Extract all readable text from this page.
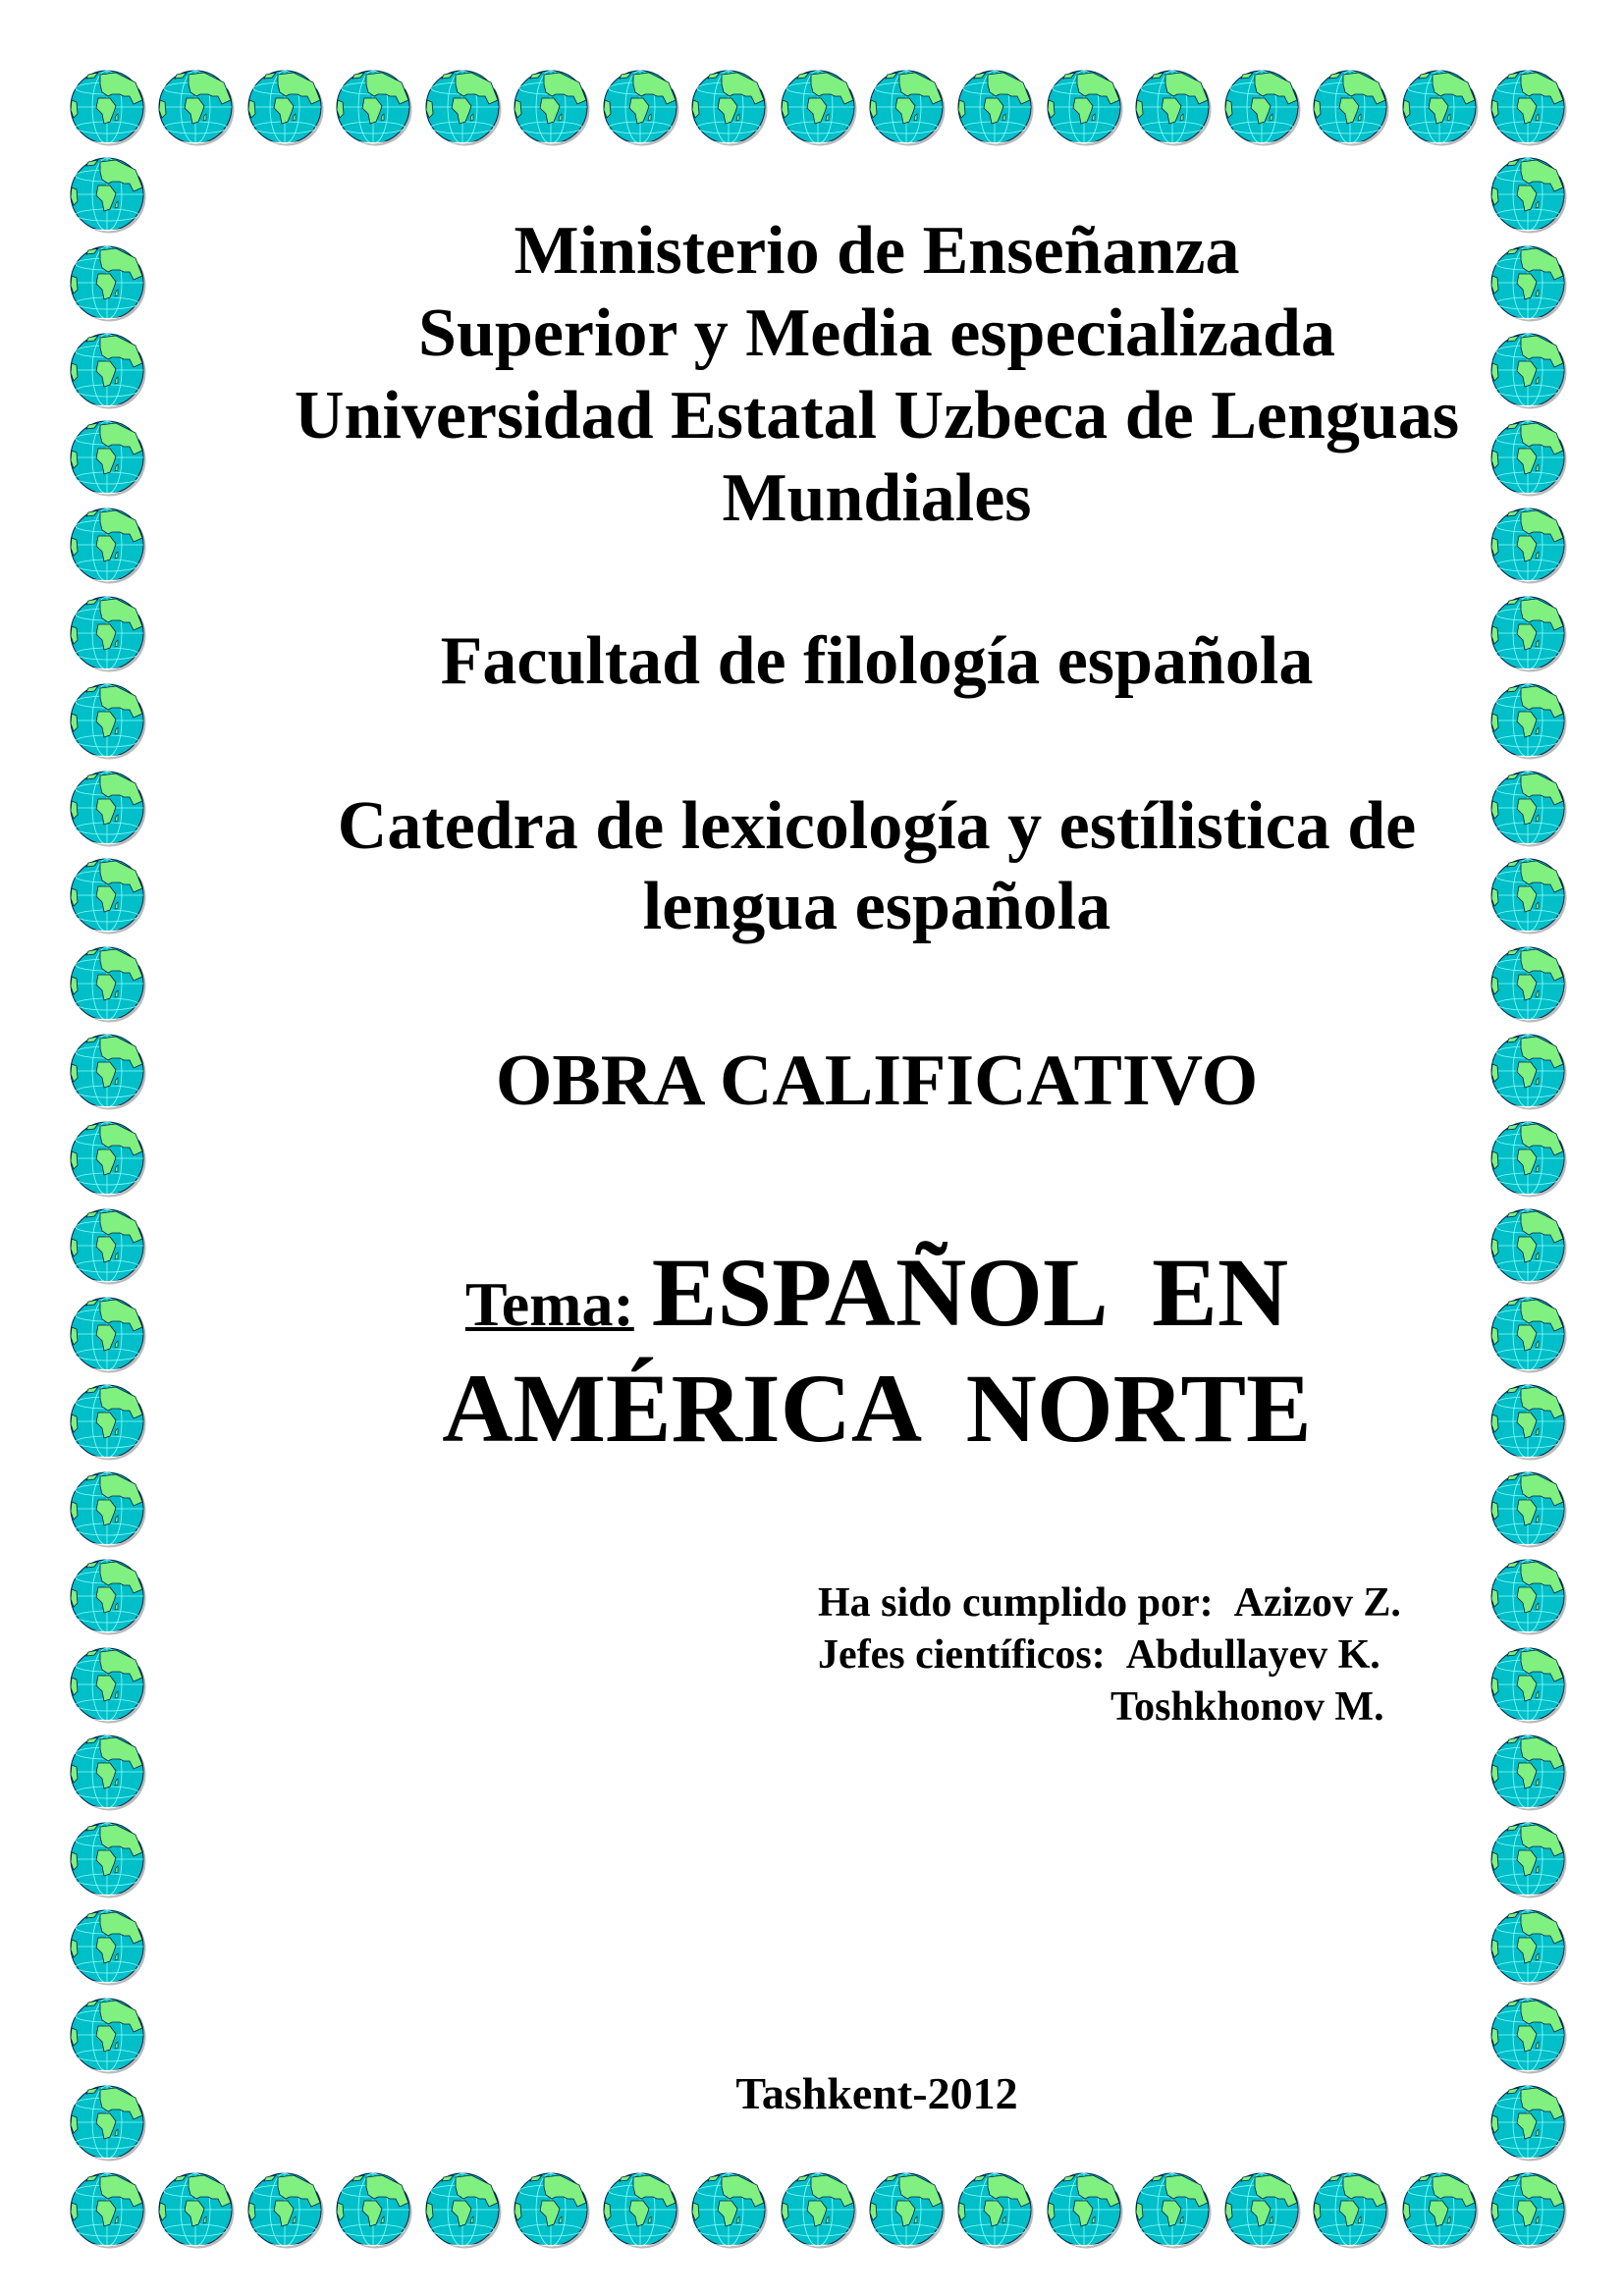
Ministerio de Enseñanza
Superior y Media especializada
Universidad Estatal Uzbeca de Lenguas
Mundiales
Facultad de filología española
Catedra de lexicología y estílistica de
lengua española
OBRA CALIFICATIVO
Tema: ESPAÑOL  EN
AMÉRICA  NORTE
Ha sido cumplido por: Azizov Z.
Jefes científicos: Abdullayev K.
Toshkhonov M.
Tashkent-2012
